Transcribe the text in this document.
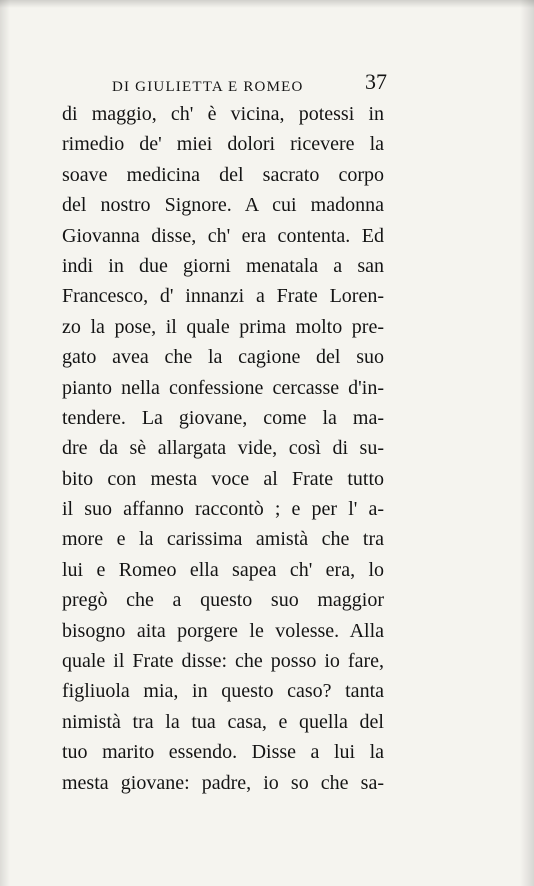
DI GIULIETTA E ROMEO	37
di maggio, ch' è vicina, potessi in
rimedio de' miei dolori ricevere la
soave medicina del sacrato corpo
del nostro Signore. A cui madonna
Giovanna disse, ch' era contenta. Ed
indi in due giorni menatala a san
Francesco, d' innanzi a Frate Loren-
zo la pose, il quale prima molto pre-
gato avea che la cagione del suo
pianto nella confessione cercasse d'in-
tendere. La giovane, come la ma-
dre da sè allargata vide, così di su-
bito con mesta voce al Frate tutto
il suo affanno raccontò ; e per l' a-
more e la carissima amistà che tra
lui e Romeo ella sapea ch' era, lo
pregò che a questo suo maggior
bisogno aita porgere le volesse. Alla
quale il Frate disse: che posso io fare,
figliuola mia, in questo caso? tanta
nimistà tra la tua casa, e quella del
tuo marito essendo. Disse a lui la
mesta giovane: padre, io so che sa-
